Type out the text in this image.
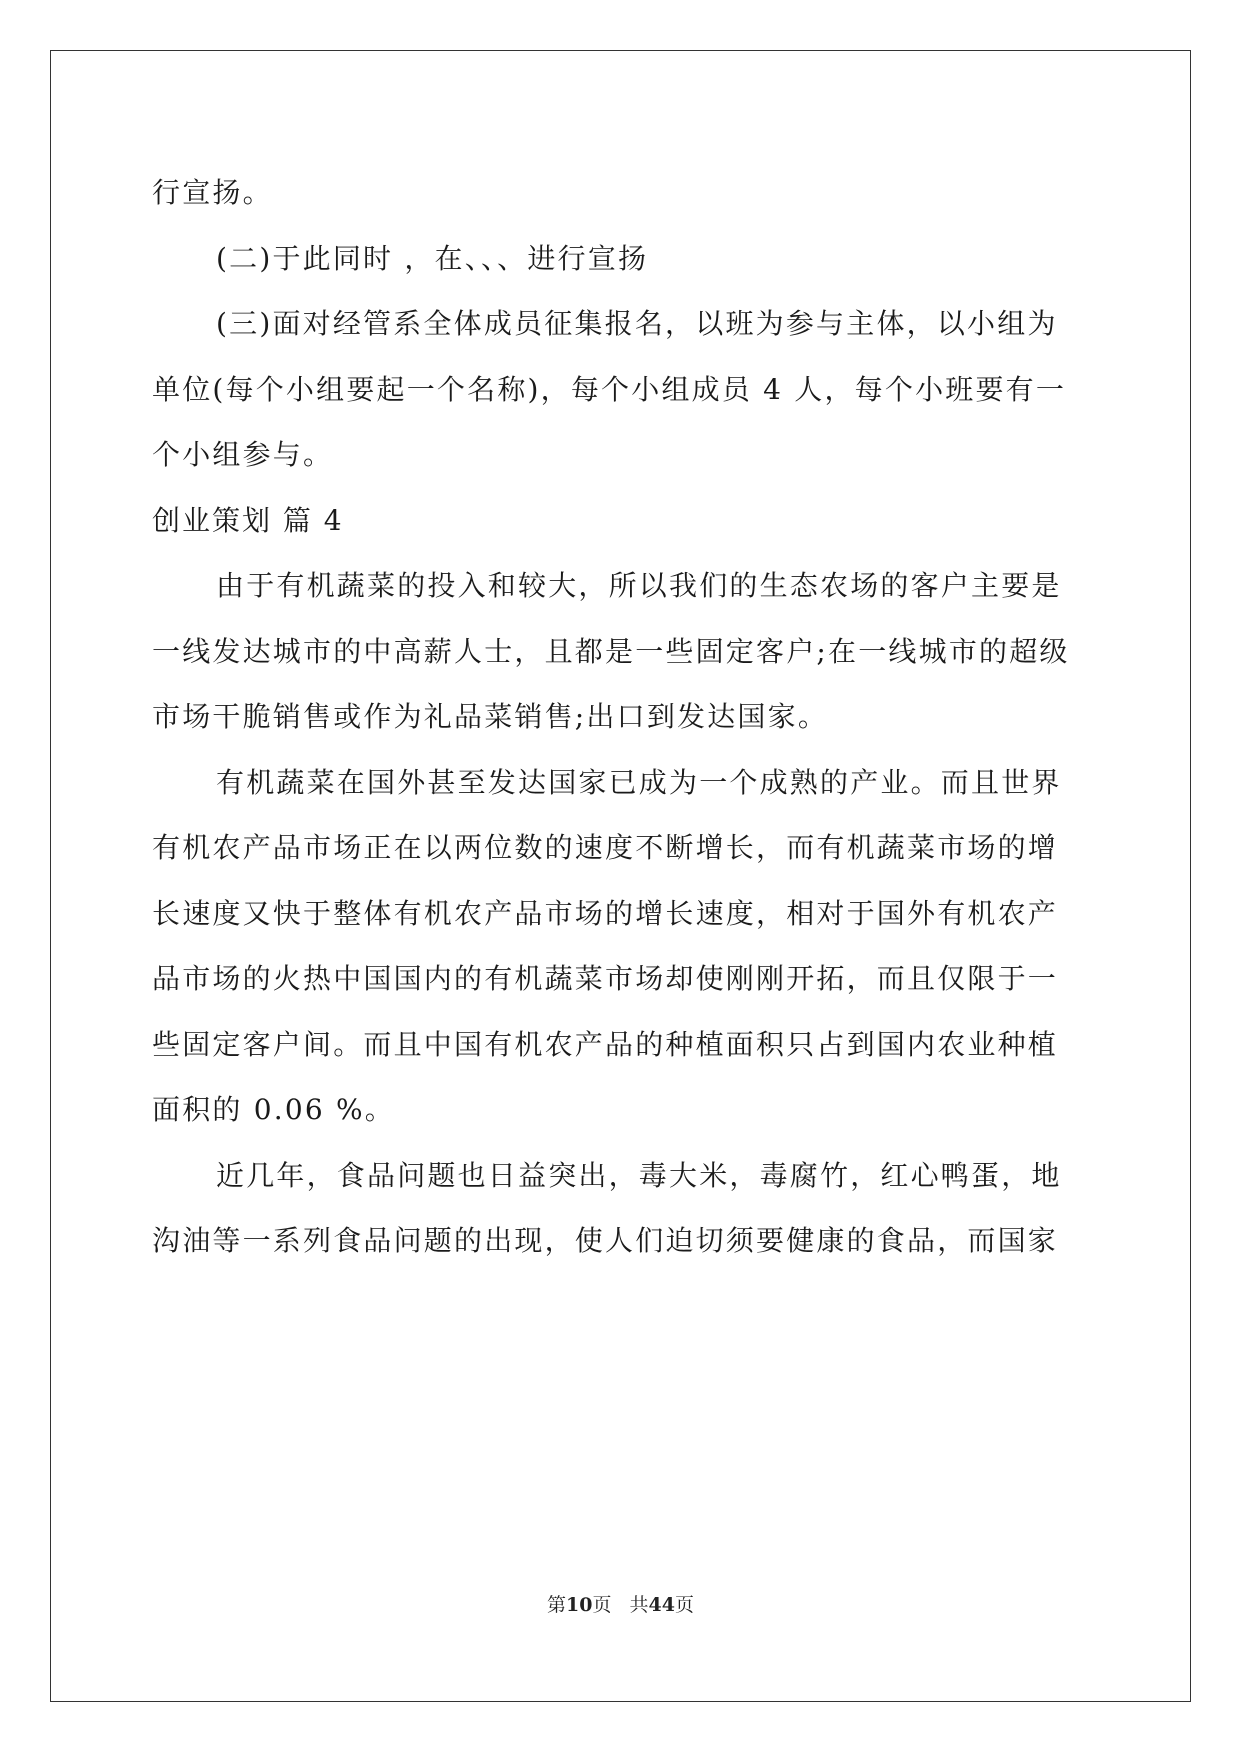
行宣扬。
(二)于此同时 ，在、、、进行宣扬
(三)面对经管系全体成员征集报名，以班为参与主体，以小组为
单位(每个小组要起一个名称)，每个小组成员 4 人，每个小班要有一
个小组参与。
创业策划 篇 4
由于有机蔬菜的投入和较大，所以我们的生态农场的客户主要是
一线发达城市的中高薪人士，且都是一些固定客户;在一线城市的超级
市场干脆销售或作为礼品菜销售;出口到发达国家。
有机蔬菜在国外甚至发达国家已成为一个成熟的产业。而且世界
有机农产品市场正在以两位数的速度不断增长，而有机蔬菜市场的增
长速度又快于整体有机农产品市场的增长速度，相对于国外有机农产
品市场的火热中国国内的有机蔬菜市场却使刚刚开拓，而且仅限于一
些固定客户间。而且中国有机农产品的种植面积只占到国内农业种植
面积的 0.06 %。
近几年，食品问题也日益突出，毒大米，毒腐竹，红心鸭蛋，地
沟油等一系列食品问题的出现，使人们迫切须要健康的食品，而国家
第10页 共44页
